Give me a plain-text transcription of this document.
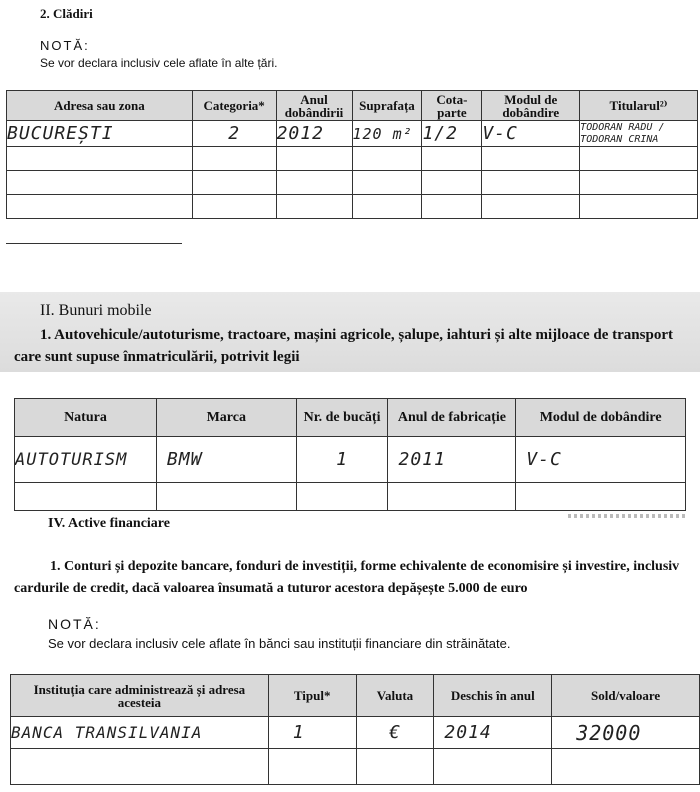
2. Clădiri
NOTĂ:
Se vor declara inclusiv cele aflate în alte țări.
Adresa sau zona	Categoria*	Anul dobândirii	Suprafața	Cota-parte	Modul de dobândire	Titularul²⁾
BUCUREȘTI	2	2012	120 m²	1/2	V-C	TODORAN RADU / TODORAN CRINA

II. Bunuri mobile
1. Autovehicule/autoturisme, tractoare, mașini agricole, șalupe, iahturi și alte mijloace de transport care sunt supuse înmatriculării, potrivit legii
Natura	Marca	Nr. de bucăți	Anul de fabricație	Modul de dobândire
AUTOTURISM	BMW	1	2011	V-C

IV. Active financiare
1. Conturi și depozite bancare, fonduri de investiții, forme echivalente de economisire și investire, inclusiv cardurile de credit, dacă valoarea însumată a tuturor acestora depășește 5.000 de euro
NOTĂ:
Se vor declara inclusiv cele aflate în bănci sau instituții financiare din străinătate.
Instituția care administrează și adresa acesteia	Tipul*	Valuta	Deschis în anul	Sold/valoare
BANCA TRANSILVANIA	1	€	2014	32000
